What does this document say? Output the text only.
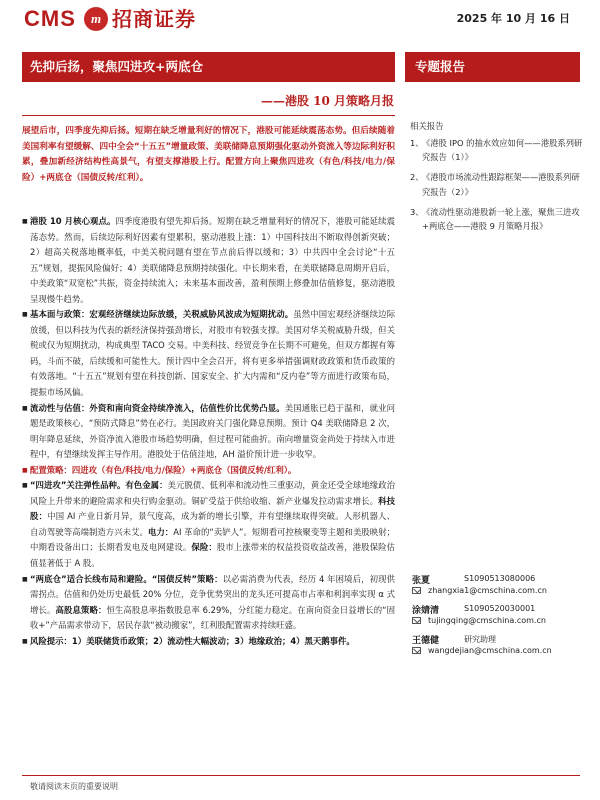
CMS	m 招商证券	2025 年 10 月 16 日
先抑后扬，聚焦四进攻+两底仓
——港股 10 月策略月报
专题报告
展望后市，四季度先抑后扬。短期在缺乏增量利好的情况下，港股可能延续震荡态势。但后续随着美国利率有望缓解、四中全会“十五五”增量政策、美联储降息预期强化驱动外资流入等边际利好积累，叠加新经济结构性高景气，有望支撑港股上行。配置方向上聚焦四进攻（有色/科技/电力/保险）+两底仓（国债反转/红利）。

■ 港股 10 月核心观点。四季度港股有望先抑后扬。短期在缺乏增量利好的情况下，港股可能延续震荡态势。然而，后续边际利好因素有望累积，驱动港股上涨：1）中国科技出不断取得创新突破；2）超高关税落地概率低，中美关税问题有望在节点前后得以缓和；3）中共四中全会讨论“十五五”规划，提振风险偏好；4）美联储降息预期持续强化。中长期来看，在美联储降息周期开启后，中美政策“双宽松”共振，资金持续流入；未来基本面改善，盈利预期上修叠加估值修复，驱动港股呈现慢牛趋势。

■ 基本面与政策：宏观经济继续边际放缓，关税威胁风波成为短期扰动。虽然中国宏观经济继续边际放缓，但以科技为代表的新经济保持强劲增长，对股市有较强支撑。美国对华关税威胁升级，但关税或仅为短期扰动，构成典型 TACO 交易。中美科技、经贸竞争在长期不可避免，但双方都握有筹码，斗而不破，后续缓和可能性大。预计四中全会召开，将有更多举措强调财政政策和货币政策的有效落地。“十五五”规划有望在科技创新、国家安全、扩大内需和“反内卷”等方面进行政策布局，提振市场风偏。

■ 流动性与估值：外资和南向资金持续净流入，估值性价比优势凸显。美国通胀已趋于温和，就业问题是政策核心，“预防式降息”势在必行。美国政府关门强化降息预期。预计 Q4 美联储降息 2 次，明年降息延续，外资净流入港股市场趋势明确，但过程可能曲折。南向增量资金尚处于持续入市进程中，有望继续发挥主导作用。港股处于估值洼地，AH 溢价预计进一步收窄。

■ 配置策略：四进攻（有色/科技/电力/保险）+两底仓（国债反转/红利）。

■ “四进攻”关注弹性品种。有色金属：美元脱债、低利率和流动性三重驱动，黄金还受全球地缘政治风险上升带来的避险需求和央行购金驱动。铜矿受益于供给收缩、新产业爆发拉动需求增长。科技股：中国 AI 产业日新月异，景气度高，成为新的增长引擎，并有望继续取得突破。人形机器人、自动驾驶等高端制造方兴未艾。电力：AI 革命的“卖铲人”。短期看可控核聚变等主题和美股映射；中期看设备出口；长期看发电及电网建设。保险：股市上涨带来的权益投资收益改善，港股保险估值显著低于 A 股。

■ “两底仓”适合长线布局和避险。“国债反转”策略：以必需消费为代表，经历 4 年困境后，初现供需拐点。估值和仍处历史最低 20% 分位，竞争优势突出的龙头还可提高市占率和利润率实现 α 式增长。高股息策略：恒生高股息率指数股息率 6.29%，分红能力稳定。在南向资金日益增长的“固收+”产品需求带动下，居民存款“被动搬家”，红利股配置需求持续旺盛。

■ 风险提示：1）美联储货币政策；2）流动性大幅波动；3）地缘政治；4）黑天鹅事件。

相关报告
1、
《港股 IPO 的抽水效应如何——港股系列研究报告（1）》
2、
《港股市场流动性跟踪框架——港股系列研究报告（2）》
3、
《流动性驱动港股新一轮上涨，聚焦三进攻+两底仓——港股 9 月策略月报》
张夏	S1090513080006
zhangxia1@cmschina.com.cn
涂婧清	S1090520030001
tujingqing@cmschina.com.cn
王德健	研究助理
wangdejian@cmschina.com.cn
敬请阅读末页的重要说明
